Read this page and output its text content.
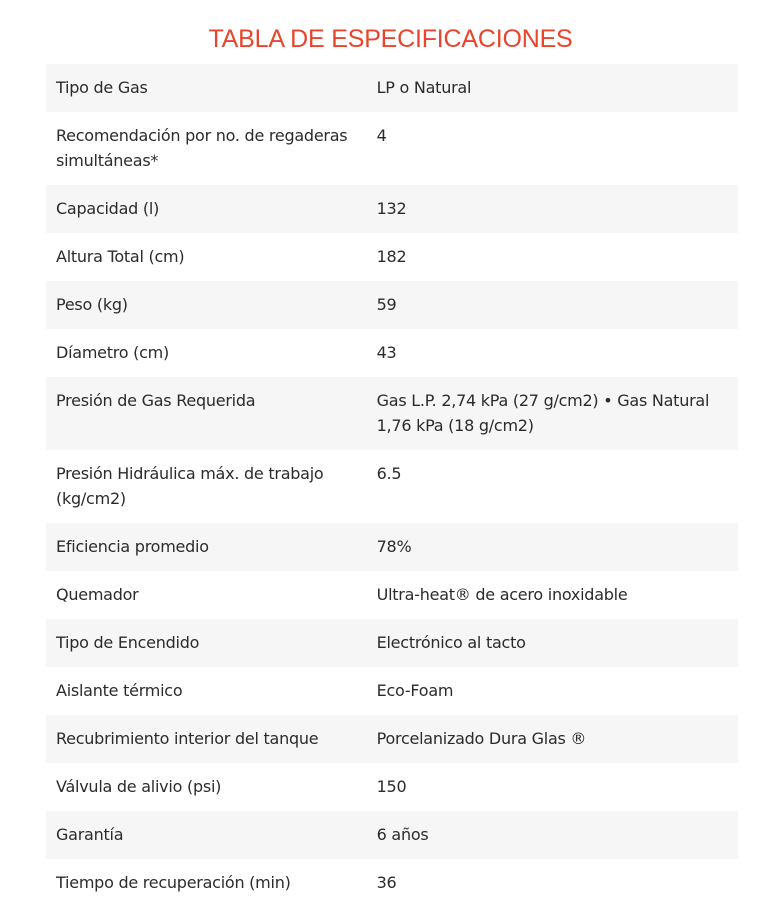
TABLA DE ESPECIFICACIONES
Tipo de Gas	LP o Natural
Recomendación por no. de regaderas simultáneas*	4
Capacidad (l)	132
Altura Total (cm)	182
Peso (kg)	59
Díametro (cm)	43
Presión de Gas Requerida	Gas L.P. 2,74 kPa (27 g/cm2) • Gas Natural 1,76 kPa (18 g/cm2)
Presión Hidráulica máx. de trabajo (kg/cm2)	6.5
Eficiencia promedio	78%
Quemador	Ultra-heat® de acero inoxidable
Tipo de Encendido	Electrónico al tacto
Aislante térmico	Eco-Foam
Recubrimiento interior del tanque	Porcelanizado Dura Glas ®
Válvula de alivio (psi)	150
Garantía	6 años
Tiempo de recuperación (min)	36
